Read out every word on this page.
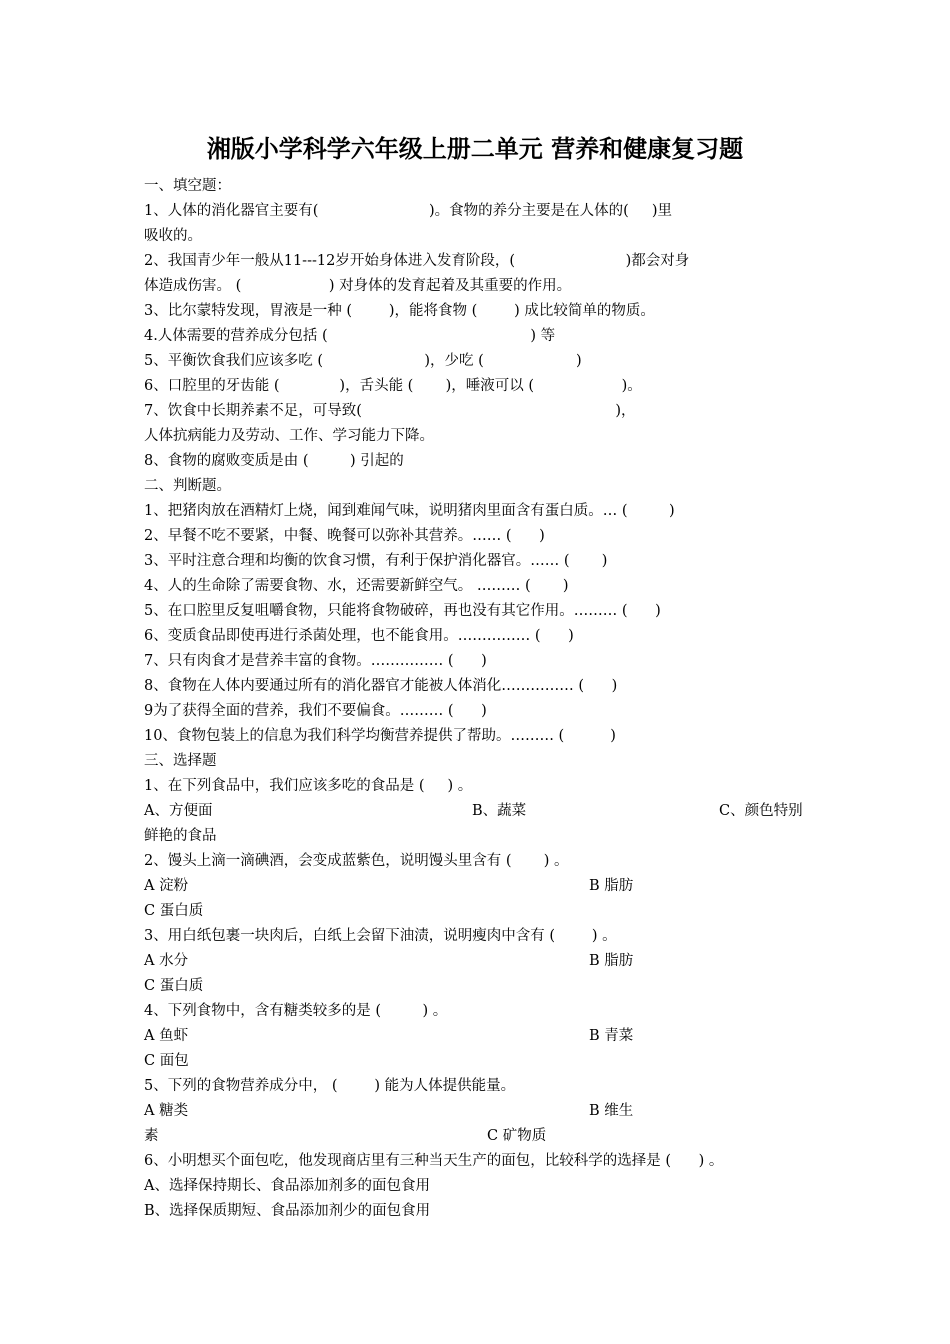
湘版小学科学六年级上册二单元 营养和健康复习题
一、填空题：
1、人体的消化器官主要有(                        )。食物的养分主要是在人体的(     )里
吸收的。
2、我国青少年一般从11---12岁开始身体进入发育阶段，(                        )都会对身
体造成伤害。 (                   ) 对身体的发育起着及其重要的作用。
3、比尔蒙特发现，胃液是一种 (        )，能将食物 (        ) 成比较简单的物质。
4.人体需要的营养成分包括 (                                            ) 等
5、平衡饮食我们应该多吃 (                      )，少吃 (                    )
6、口腔里的牙齿能 (             )，舌头能 (       )，唾液可以 (                   )。
7、饮食中长期养素不足，可导致(                                                       )，
人体抗病能力及劳动、工作、学习能力下降。
8、食物的腐败变质是由 (         ) 引起的
二、判断题。
1、把猪肉放在酒精灯上烧，闻到难闻气味，说明猪肉里面含有蛋白质。… (         )
2、早餐不吃不要紧，中餐、晚餐可以弥补其营养。…… (      )
3、平时注意合理和均衡的饮食习惯，有利于保护消化器官。…… (       )
4、人的生命除了需要食物、水，还需要新鲜空气。 ……… (       )
5、在口腔里反复咀嚼食物，只能将食物破碎，再也没有其它作用。……… (      )
6、变质食品即使再进行杀菌处理，也不能食用。…………… (      )
7、只有肉食才是营养丰富的食物。…………… (      )
8、食物在人体内要通过所有的消化器官才能被人体消化…………… (      )
9为了获得全面的营养，我们不要偏食。……… (      )
10、食物包装上的信息为我们科学均衡营养提供了帮助。……… (          )
三、选择题
1、在下列食品中，我们应该多吃的食品是 (     ) 。
A、方便面	B、蔬菜	C、颜色特别
鲜艳的食品
2、馒头上滴一滴碘酒，会变成蓝紫色，说明馒头里含有 (       ) 。
A 淀粉	B 脂肪
C 蛋白质
3、用白纸包裹一块肉后，白纸上会留下油渍，说明瘦肉中含有 (        ) 。
A 水分	B 脂肪
C 蛋白质
4、下列食物中，含有糖类较多的是 (         ) 。
A 鱼虾	B 青菜
C 面包
5、下列的食物营养成分中， (        ) 能为人体提供能量。
A 糖类	B 维生
素	C 矿物质
6、小明想买个面包吃，他发现商店里有三种当天生产的面包，比较科学的选择是 (      ) 。
A、选择保持期长、食品添加剂多的面包食用
B、选择保质期短、食品添加剂少的面包食用
